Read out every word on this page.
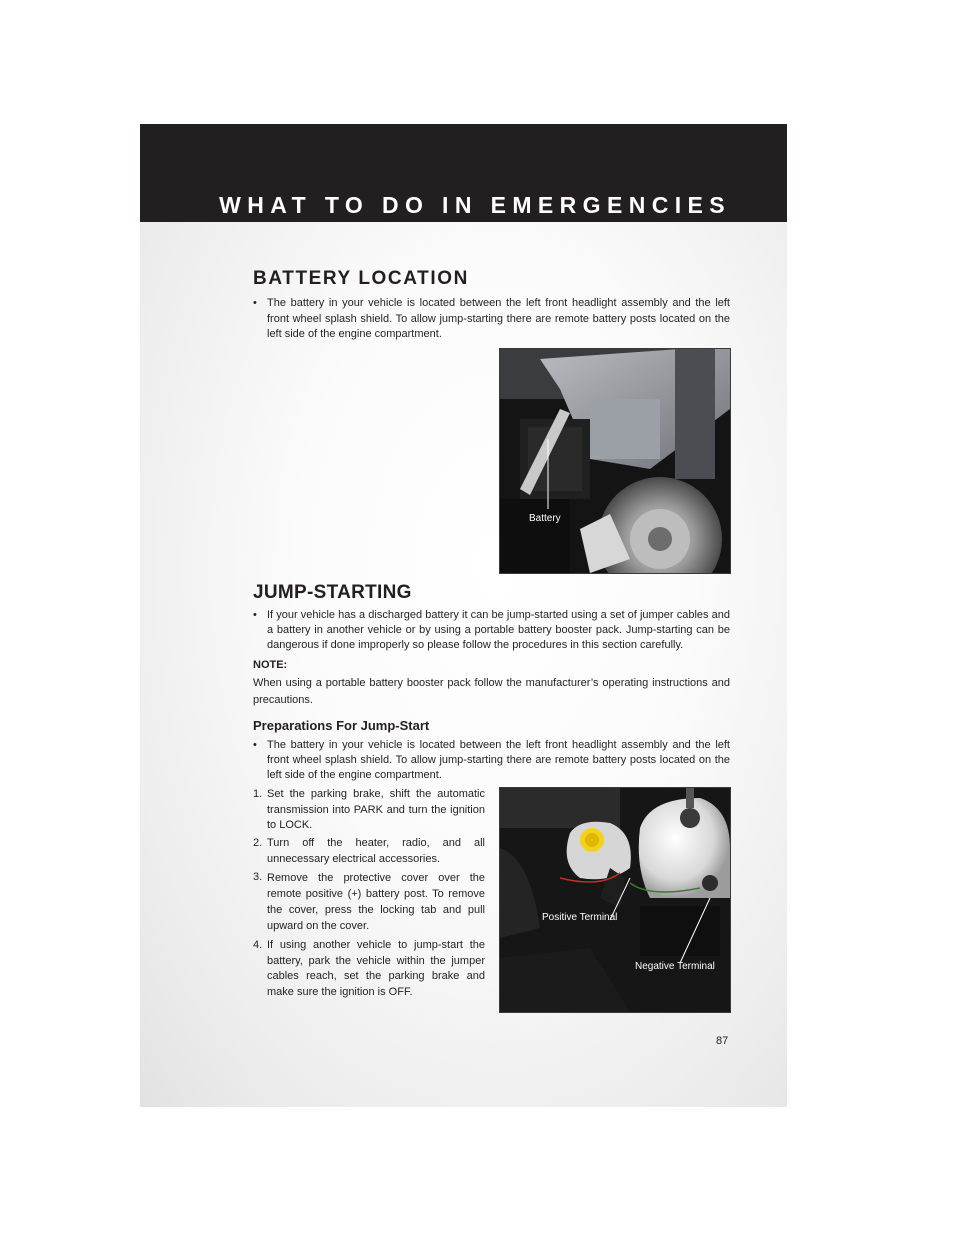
WHAT TO DO IN EMERGENCIES
BATTERY LOCATION
• The battery in your vehicle is located between the left front headlight assembly and the left front wheel splash shield. To allow jump-starting there are remote battery posts located on the left side of the engine compartment.
Battery
JUMP-STARTING
• If your vehicle has a discharged battery it can be jump-started using a set of jumper cables and a battery in another vehicle or by using a portable battery booster pack. Jump-starting can be dangerous if done improperly so please follow the procedures in this section carefully.
NOTE:
When using a portable battery booster pack follow the manufacturer’s operating instructions and precautions.
Preparations For Jump-Start
• The battery in your vehicle is located between the left front headlight assembly and the left front wheel splash shield. To allow jump-starting there are remote battery posts located on the left side of the engine compartment.
1. Set the parking brake, shift the automatic transmission into PARK and turn the ignition to LOCK.
2. Turn off the heater, radio, and all unnecessary electrical accessories.
3. Remove the protective cover over the remote positive (+) battery post. To remove the cover, press the locking tab and pull upward on the cover.
4. If using another vehicle to jump-start the battery, park the vehicle within the jumper cables reach, set the parking brake and make sure the ignition is OFF.
Positive Terminal
Negative Terminal
87
